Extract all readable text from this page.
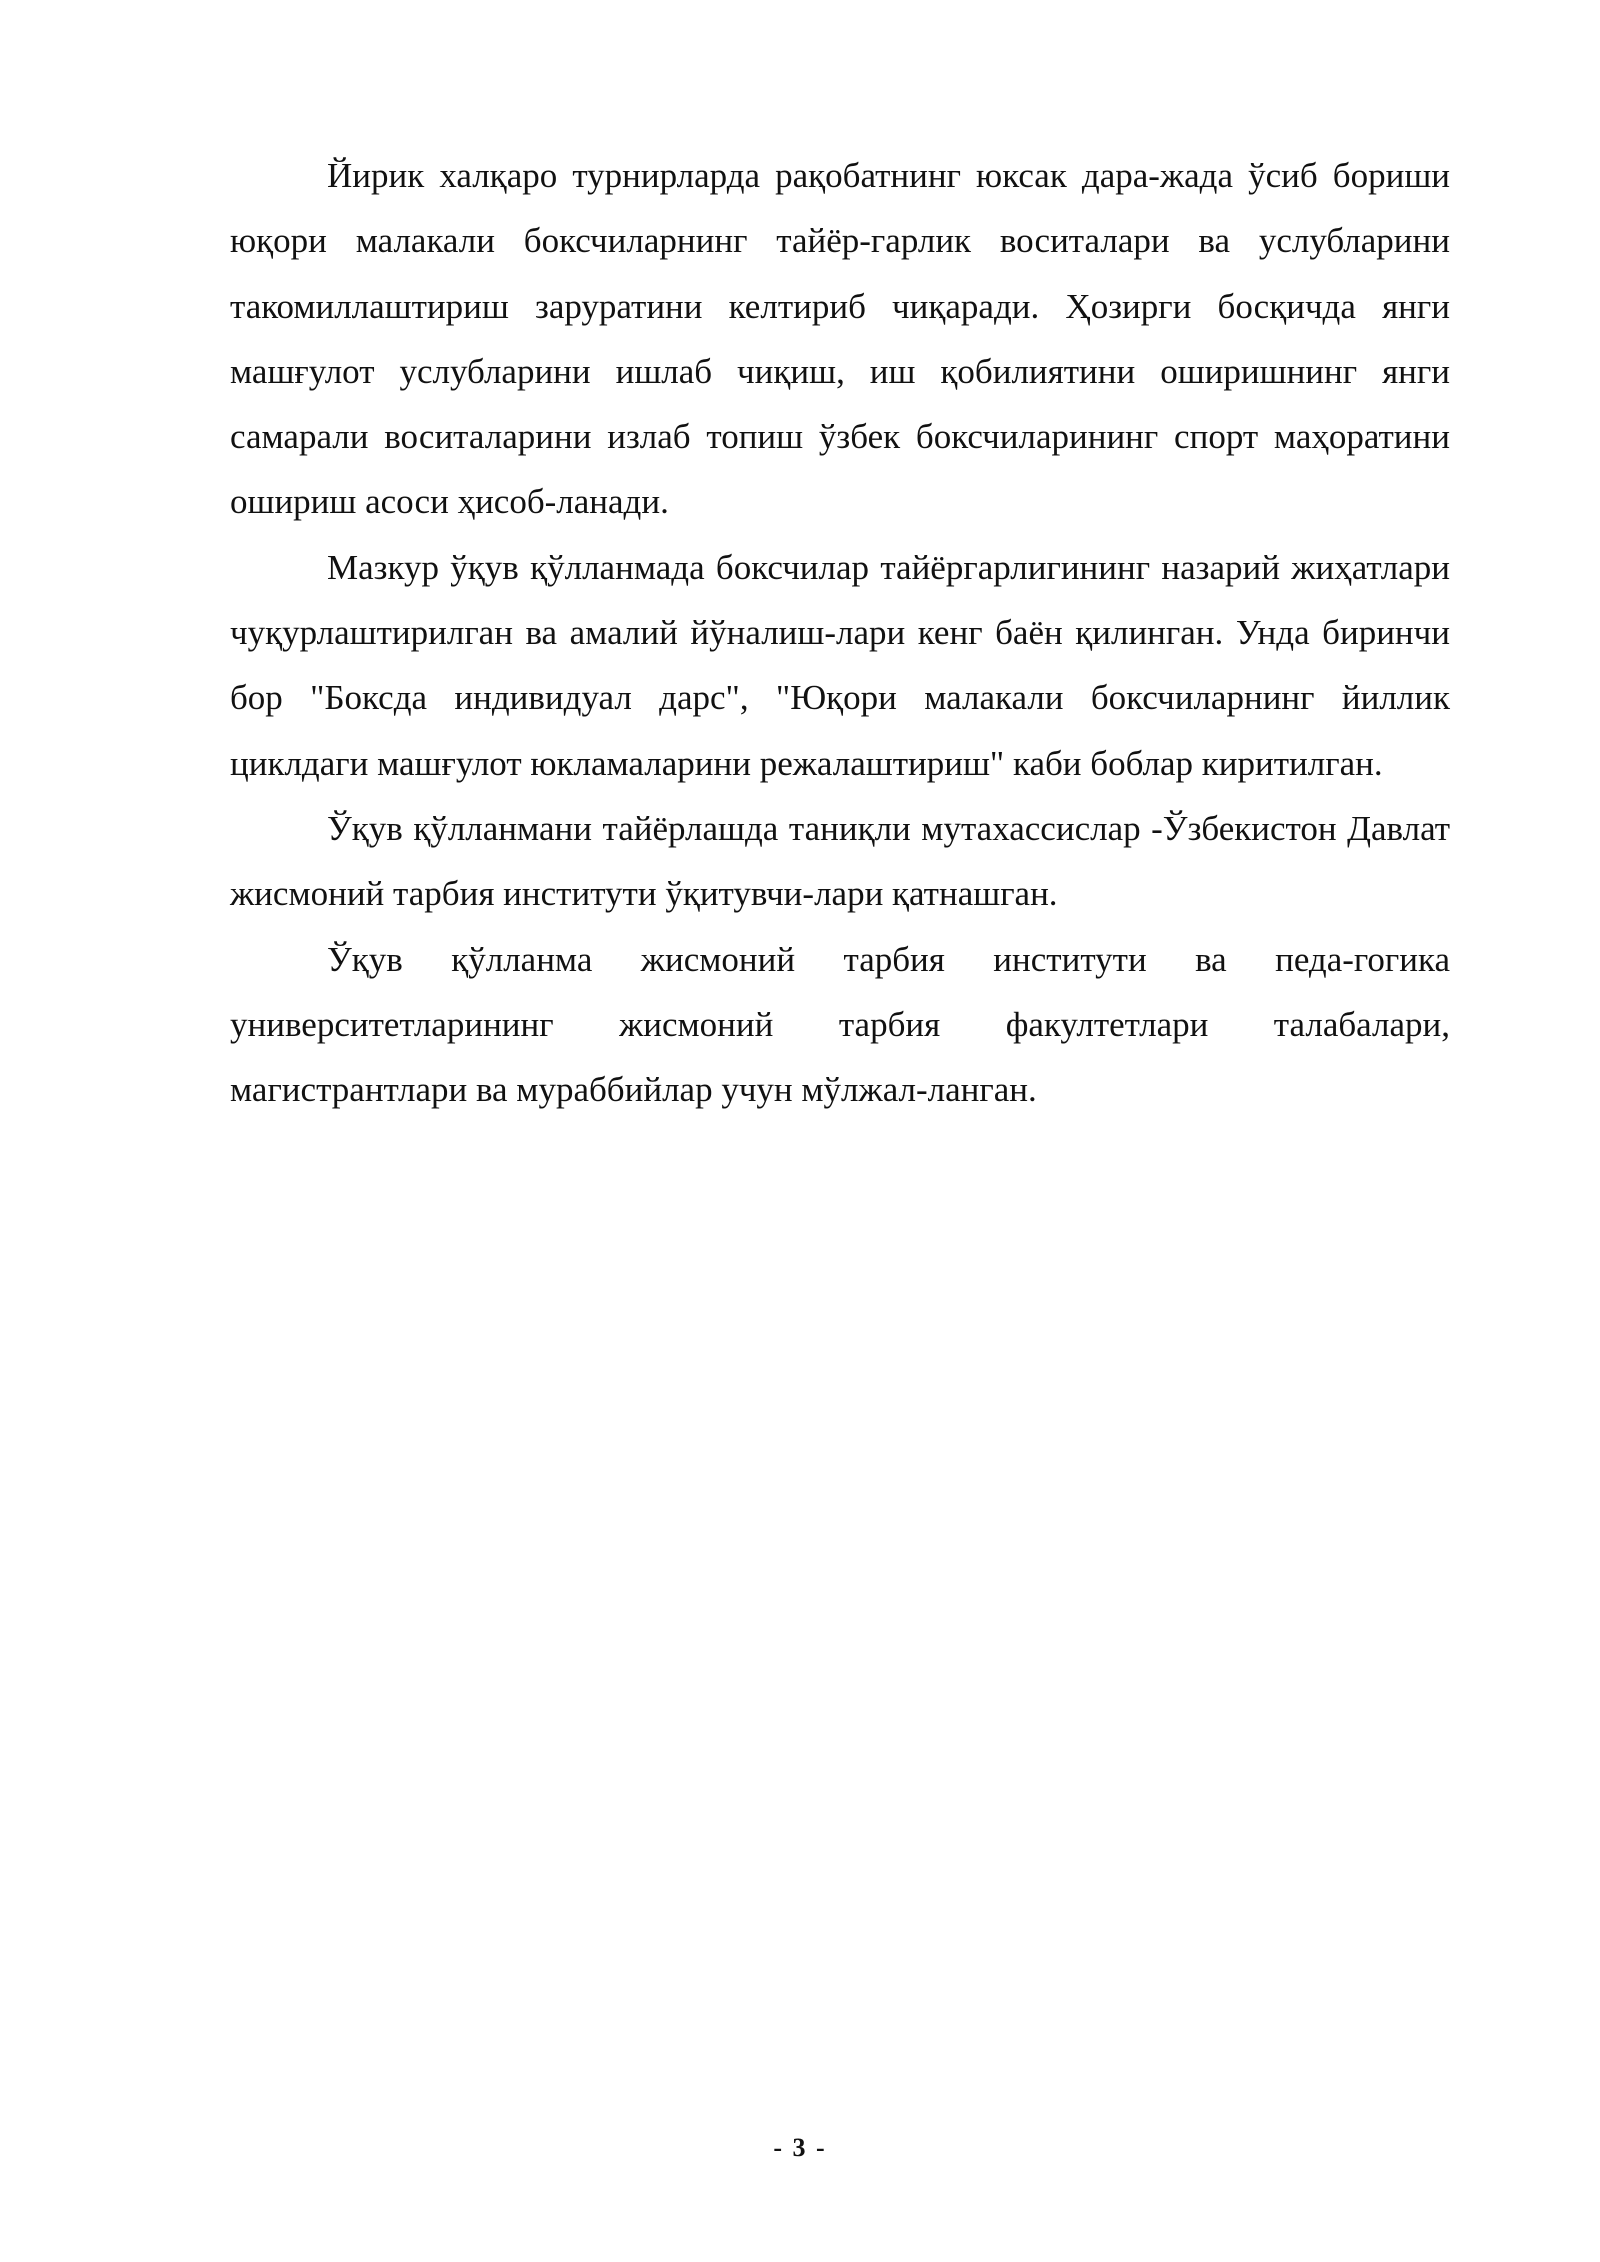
Йирик халқаро турнирларда рақобатнинг юксак дара-жада ўсиб бориши юқори малакали боксчиларнинг тайёр-гарлик воситалари ва услубларини такомиллаштириш заруратини келтириб чиқаради. Ҳозирги босқичда янги машғулот услубларини ишлаб чиқиш, иш қобилиятини оширишнинг янги самарали воситаларини излаб топиш ўзбек боксчиларининг спорт маҳоратини ошириш асоси ҳисоб-ланади.

Мазкур ўқув қўлланмада боксчилар тайёргарлигининг назарий жиҳатлари чуқурлаштирилган ва амалий йўналиш-лари кенг баён қилинган. Унда биринчи бор "Боксда индивидуал дарс", "Юқори малакали боксчиларнинг йиллик циклдаги машғулот юкламаларини режалаштириш" каби боблар киритилган.

Ўқув қўлланмани тайёрлашда таниқли мутахассислар -Ўзбекистон Давлат жисмоний тарбия институти ўқитувчи-лари қатнашган.

Ўқув қўлланма жисмоний тарбия институти ва педа-гогика университетларининг жисмоний тарбия факултетлари талабалари, магистрантлари ва мураббийлар учун мўлжал-ланган.

- 3 -
